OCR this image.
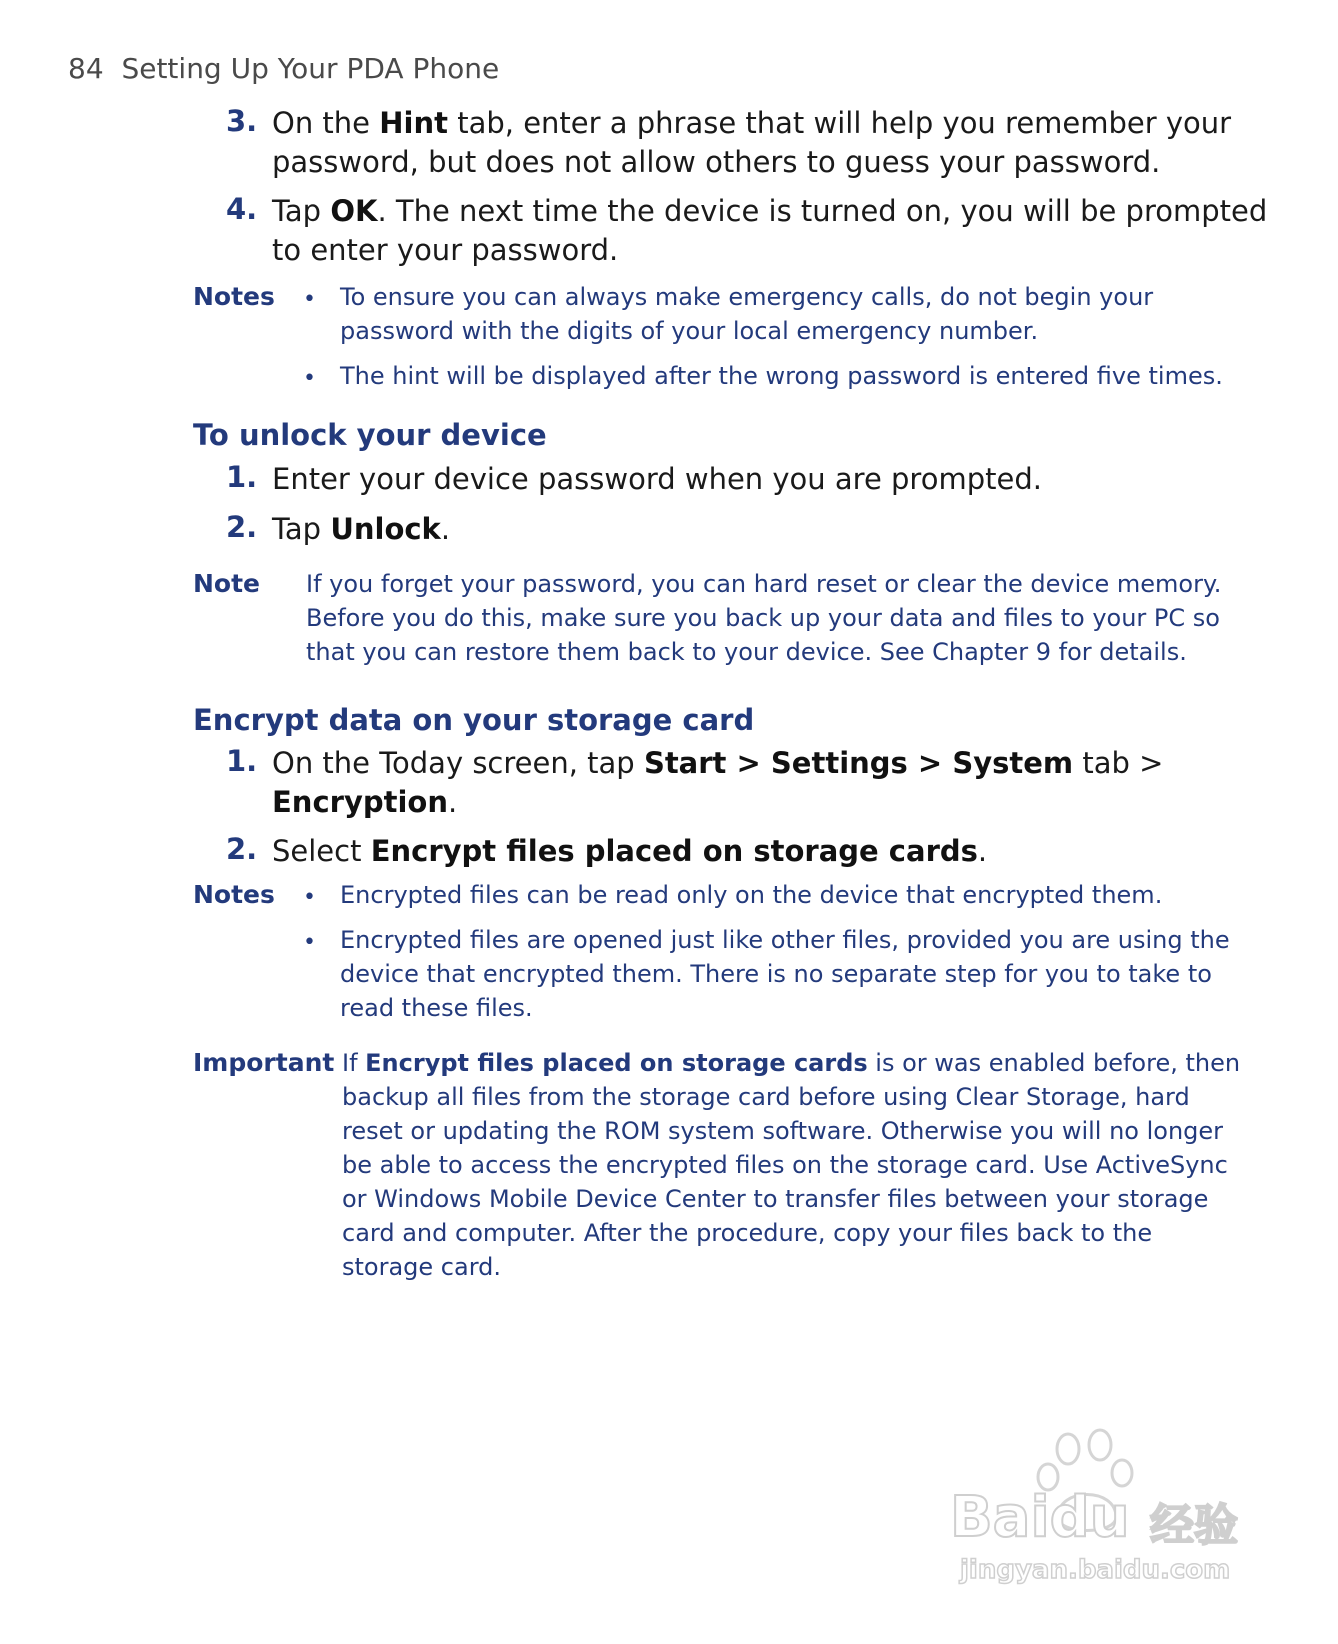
84 Setting Up Your PDA Phone
3. On the Hint tab, enter a phrase that will help you remember your
password, but does not allow others to guess your password.
4. Tap OK. The next time the device is turned on, you will be prompted
to enter your password.
Notes • To ensure you can always make emergency calls, do not begin your
password with the digits of your local emergency number.
• The hint will be displayed after the wrong password is entered five times.
To unlock your device
1. Enter your device password when you are prompted.
2. Tap Unlock.
Note If you forget your password, you can hard reset or clear the device memory.
Before you do this, make sure you back up your data and files to your PC so
that you can restore them back to your device. See Chapter 9 for details.
Encrypt data on your storage card
1. On the Today screen, tap Start > Settings > System tab >
Encryption.
2. Select Encrypt files placed on storage cards.
Notes • Encrypted files can be read only on the device that encrypted them.
• Encrypted files are opened just like other files, provided you are using the
device that encrypted them. There is no separate step for you to take to
read these files.
Important If Encrypt files placed on storage cards is or was enabled before, then
backup all files from the storage card before using Clear Storage, hard
reset or updating the ROM system software. Otherwise you will no longer
be able to access the encrypted files on the storage card. Use ActiveSync
or Windows Mobile Device Center to transfer files between your storage
card and computer. After the procedure, copy your files back to the
storage card.
Baidu 经验
jingyan.baidu.com
